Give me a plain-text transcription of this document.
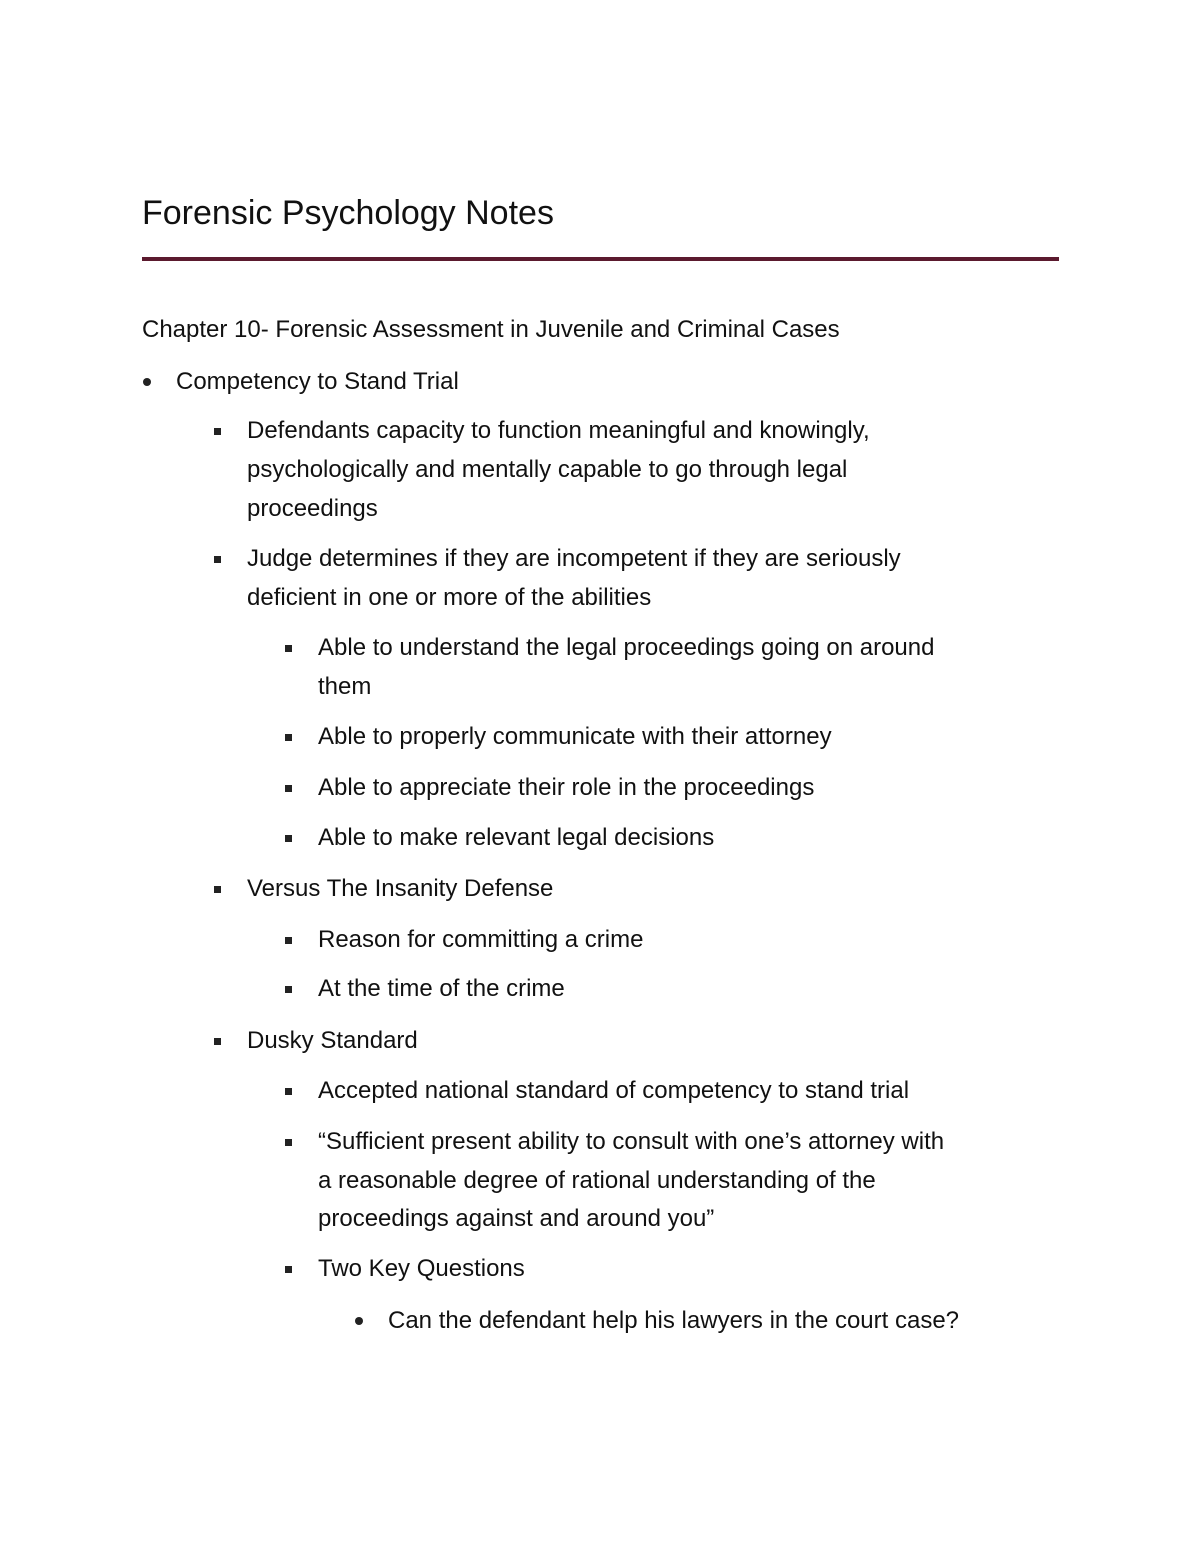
Forensic Psychology Notes

Chapter 10- Forensic Assessment in Juvenile and Criminal Cases

Competency to Stand Trial

Defendants capacity to function meaningful and knowingly,

psychologically and mentally capable to go through legal

proceedings

Judge determines if they are incompetent if they are seriously

deficient in one or more of the abilities

Able to understand the legal proceedings going on around

them

Able to properly communicate with their attorney

Able to appreciate their role in the proceedings

Able to make relevant legal decisions

Versus The Insanity Defense

Reason for committing a crime

At the time of the crime

Dusky Standard

Accepted national standard of competency to stand trial

“Sufficient present ability to consult with one’s attorney with

a reasonable degree of rational understanding of the

proceedings against and around you”

Two Key Questions

Can the defendant help his lawyers in the court case?
